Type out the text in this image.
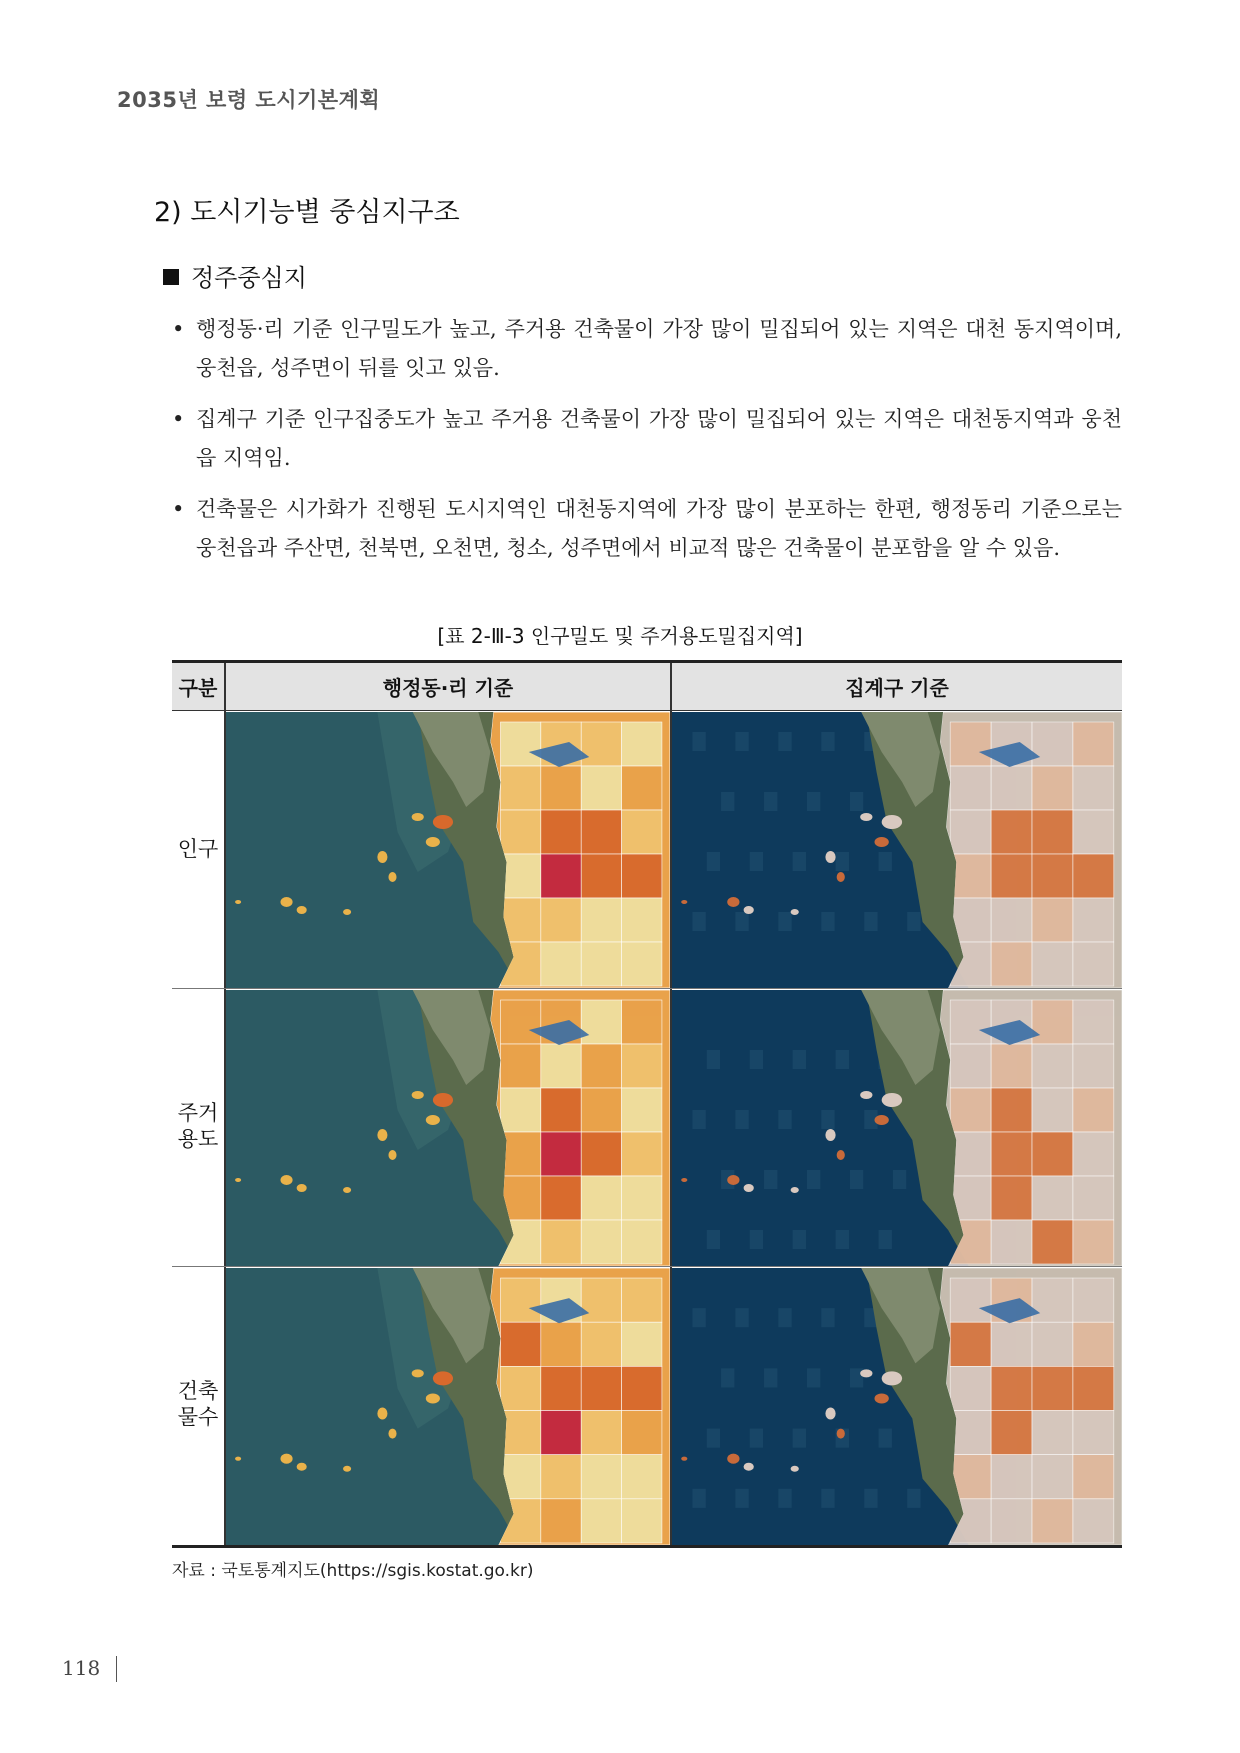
2035년 보령 도시기본계획
2) 도시기능별 중심지구조
정주중심지
• 행정동·리 기준 인구밀도가 높고, 주거용 건축물이 가장 많이 밀집되어 있는 지역은 대천 동지역이며, 웅천읍, 성주면이 뒤를 잇고 있음.
• 집계구 기준 인구집중도가 높고 주거용 건축물이 가장 많이 밀집되어 있는 지역은 대천동지역과 웅천읍 지역임.
• 건축물은 시가화가 진행된 도시지역인 대천동지역에 가장 많이 분포하는 한편, 행정동리 기준으로는 웅천읍과 주산면, 천북면, 오천면, 청소, 성주면에서 비교적 많은 건축물이 분포함을 알 수 있음.
[표 2-Ⅲ-3 인구밀도 및 주거용도밀집지역]
구분	행정동·리 기준	집계구 기준
인구
주거
용도
건축
물수
자료 : 국토통계지도(https://sgis.kostat.go.kr)
118
